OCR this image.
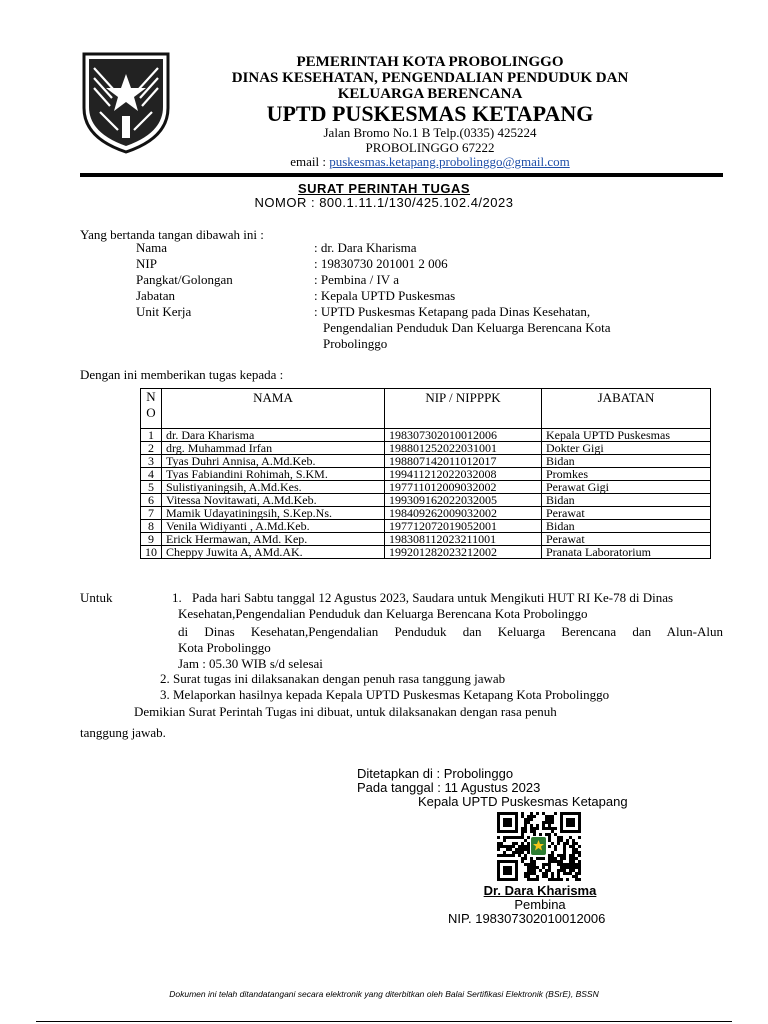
PEMERINTAH KOTA PROBOLINGGO
DINAS KESEHATAN, PENGENDALIAN PENDUDUK DAN
KELUARGA BERENCANA
UPTD PUSKESMAS KETAPANG
Jalan Bromo No.1 B Telp.(0335) 425224
PROBOLINGGO 67222
email : puskesmas.ketapang.probolinggo@gmail.com
SURAT PERINTAH TUGAS
NOMOR : 800.1.11.1/130/425.102.4/2023
Yang bertanda tangan dibawah ini :
Nama	: dr. Dara Kharisma
NIP	: 19830730 201001 2 006
Pangkat/Golongan	: Pembina / IV a
Jabatan	: Kepala UPTD Puskesmas
Unit Kerja	: UPTD Puskesmas Ketapang pada Dinas Kesehatan,
Pengendalian Penduduk Dan Keluarga Berencana Kota
Probolinggo
Dengan ini memberikan tugas kepada :
N
O	NAMA	NIP / NIPPPK	JABATAN
1	dr. Dara Kharisma	198307302010012006	Kepala UPTD Puskesmas
2	drg. Muhammad Irfan	198801252022031001	Dokter Gigi
3	Tyas Duhri Annisa, A.Md.Keb.	198807142011012017	Bidan
4	Tyas Fabiandini Rohimah, S.KM.	199411212022032008	Promkes
5	Sulistiyaningsih, A.Md.Kes.	197711012009032002	Perawat Gigi
6	Vitessa Novitawati, A.Md.Keb.	199309162022032005	Bidan
7	Mamik Udayatiningsih, S.Kep.Ns.	198409262009032002	Perawat
8	Venila Widiyanti , A.Md.Keb.	197712072019052001	Bidan
9	Erick Hermawan, AMd. Kep.	198308112023211001	Perawat
10	Cheppy Juwita A, AMd.AK.	199201282023212002	Pranata Laboratorium
Untuk	1. Pada hari Sabtu tanggal 12 Agustus 2023, Saudara untuk Mengikuti HUT RI Ke-78 di Dinas
Kesehatan,Pengendalian Penduduk dan Keluarga Berencana Kota Probolinggo
di Dinas Kesehatan,Pengendalian Penduduk dan Keluarga Berencana dan Alun-Alun
Kota Probolinggo
Jam : 05.30 WIB s/d selesai
2. Surat tugas ini dilaksanakan dengan penuh rasa tanggung jawab
3. Melaporkan hasilnya kepada Kepala UPTD Puskesmas Ketapang Kota Probolinggo
Demikian Surat Perintah Tugas ini dibuat, untuk dilaksanakan dengan rasa penuh
tanggung jawab.
Ditetapkan di : Probolinggo
Pada tanggal : 11 Agustus 2023
Kepala UPTD Puskesmas Ketapang
Dr. Dara Kharisma
Pembina
NIP. 198307302010012006
Dokumen ini telah ditandatangani secara elektronik yang diterbitkan oleh Balai Sertifikasi Elektronik (BSrE), BSSN
